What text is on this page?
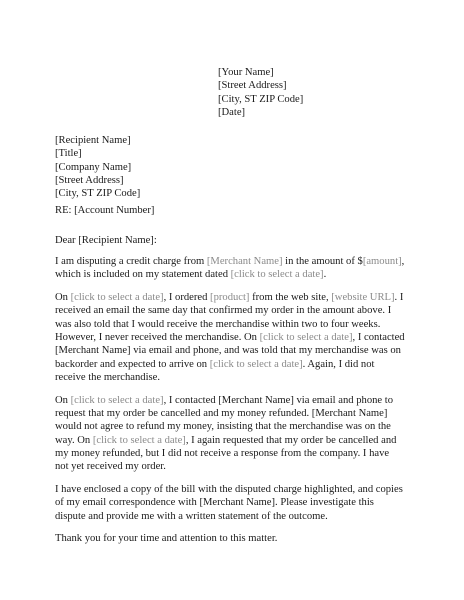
[Your Name]
[Street Address]
[City, ST ZIP Code]
[Date]
[Recipient Name]
[Title]
[Company Name]
[Street Address]
[City, ST ZIP Code]
RE: [Account Number]
Dear [Recipient Name]:

I am disputing a credit charge from [Merchant Name] in the amount of $[amount], which is included on my statement dated [click to select a date].

On [click to select a date], I ordered [product] from the web site, [website URL]. I received an email the same day that confirmed my order in the amount above. I was also told that I would receive the merchandise within two to four weeks. However, I never received the merchandise. On [click to select a date], I contacted [Merchant Name] via email and phone, and was told that my merchandise was on backorder and expected to arrive on [click to select a date]. Again, I did not receive the merchandise.

On [click to select a date], I contacted [Merchant Name] via email and phone to request that my order be cancelled and my money refunded. [Merchant Name] would not agree to refund my money, insisting that the merchandise was on the way. On [click to select a date], I again requested that my order be cancelled and my money refunded, but I did not receive a response from the company. I have not yet received my order.

I have enclosed a copy of the bill with the disputed charge highlighted, and copies of my email correspondence with [Merchant Name]. Please investigate this dispute and provide me with a written statement of the outcome.

Thank you for your time and attention to this matter.
